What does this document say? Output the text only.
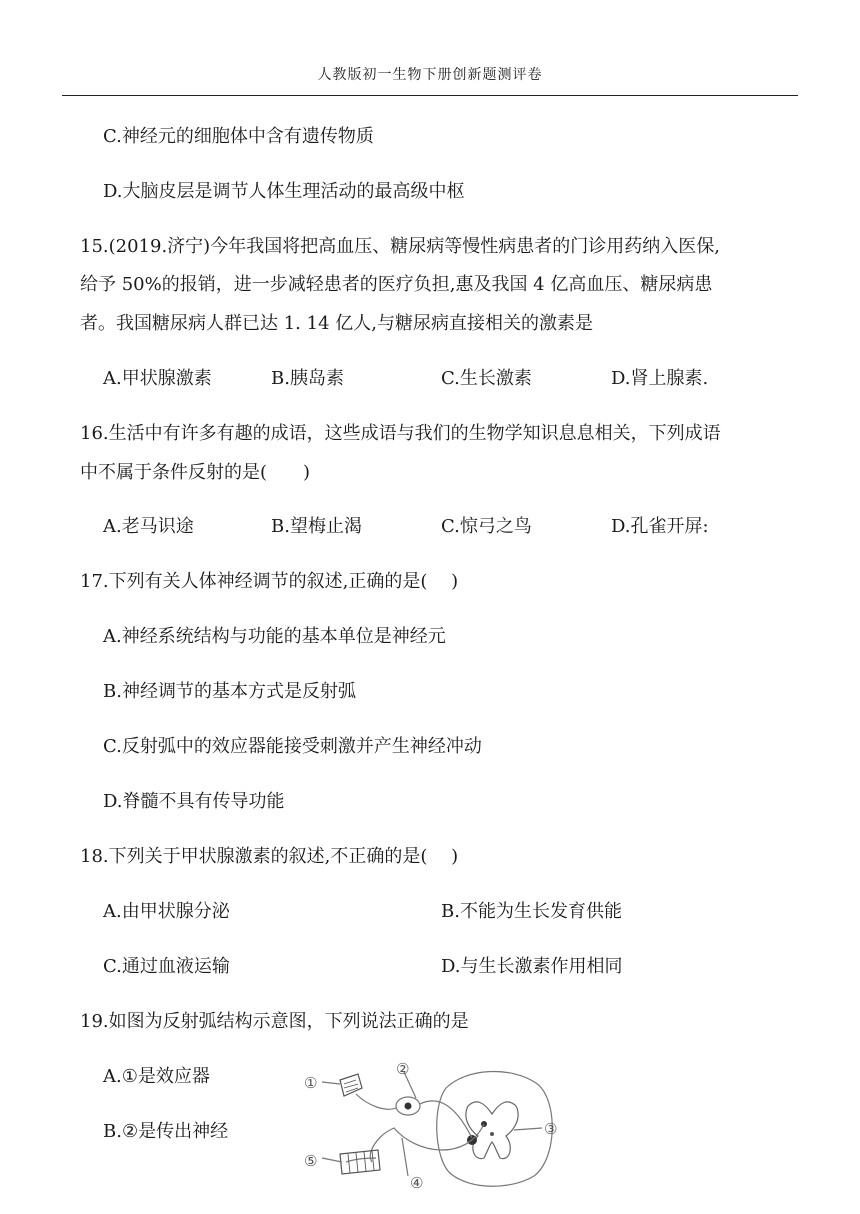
人教版初一生物下册创新题测评卷
C.神经元的细胞体中含有遗传物质
D.大脑皮层是调节人体生理活动的最高级中枢
15.(2019.济宁)今年我国将把高血压、糖尿病等慢性病患者的门诊用药纳入医保,
给予 50%的报销，进一步减轻患者的医疗负担,惠及我国 4 亿高血压、糖尿病患
者。我国糖尿病人群已达 1. 14 亿人,与糖尿病直接相关的激素是
A.甲状腺激素	B.胰岛素	C.生长激素	D.肾上腺素.
16.生活中有许多有趣的成语，这些成语与我们的生物学知识息息相关，下列成语
中不属于条件反射的是(　　)
A.老马识途	B.望梅止渴	C.惊弓之鸟	D.孔雀开屏:
17.下列有关人体神经调节的叙述,正确的是(　 )
A.神经系统结构与功能的基本单位是神经元
B.神经调节的基本方式是反射弧
C.反射弧中的效应器能接受刺激并产生神经冲动
D.脊髓不具有传导功能
18.下列关于甲状腺激素的叙述,不正确的是(　 )
A.由甲状腺分泌	B.不能为生长发育供能
C.通过血液运输	D.与生长激素作用相同
19.如图为反射弧结构示意图，下列说法正确的是
A.①是效应器
B.②是传出神经
①
②
③
④
⑤
